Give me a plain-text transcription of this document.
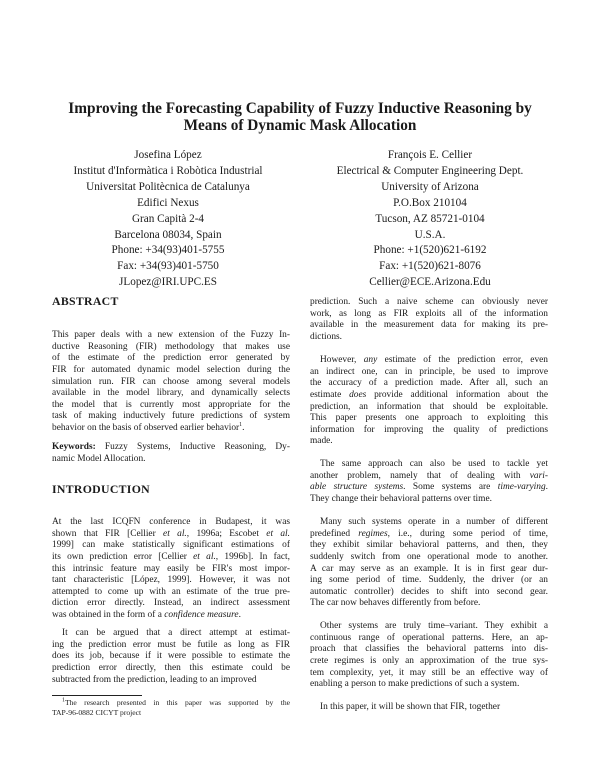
Improving the Forecasting Capability of Fuzzy Inductive Reasoning by
Means of Dynamic Mask Allocation
Josefina López
Institut d'Informàtica i Robòtica Industrial
Universitat Politècnica de Catalunya
Edifici Nexus
Gran Capità 2-4
Barcelona 08034, Spain
Phone: +34(93)401-5755
Fax: +34(93)401-5750
JLopez@IRI.UPC.ES
François E. Cellier
Electrical & Computer Engineering Dept.
University of Arizona
P.O.Box 210104
Tucson, AZ 85721-0104
U.S.A.
Phone: +1(520)621-6192
Fax: +1(520)621-8076
Cellier@ECE.Arizona.Edu
ABSTRACT
INTRODUCTION
This paper deals with a new extension of the Fuzzy In-
ductive Reasoning (FIR) methodology that makes use
of the estimate of the prediction error generated by
FIR for automated dynamic model selection during the
simulation run. FIR can choose among several models
available in the model library, and dynamically selects
the model that is currently most appropriate for the
task of making inductively future predictions of system
behavior on the basis of observed earlier behavior$^1$.
Keywords: Fuzzy Systems, Inductive Reasoning, Dy-
namic Model Allocation.
At the last ICQFN conference in Budapest, it was
shown that FIR [Cellier et al., 1996a; Escobet et al.
1999] can make statistically significant estimations of
its own prediction error [Cellier et al., 1996b]. In fact,
this intrinsic feature may easily be FIR's most impor-
tant characteristic [López, 1999]. However, it was not
attempted to come up with an estimate of the true pre-
diction error directly. Instead, an indirect assessment
was obtained in the form of a confidence measure.
It can be argued that a direct attempt at estimat-
ing the prediction error must be futile as long as FIR
does its job, because if it were possible to estimate the
prediction error directly, then this estimate could be
subtracted from the prediction, leading to an improved
prediction. Such a naive scheme can obviously never
work, as long as FIR exploits all of the information
available in the measurement data for making its pre-
dictions.
However, any estimate of the prediction error, even
an indirect one, can in principle, be used to improve
the accuracy of a prediction made. After all, such an
estimate does provide additional information about the
prediction, an information that should be exploitable.
This paper presents one approach to exploiting this
information for improving the quality of predictions
made.
The same approach can also be used to tackle yet
another problem, namely that of dealing with vari-
able structure systems. Some systems are time-varying.
They change their behavioral patterns over time.
Many such systems operate in a number of different
predefined regimes, i.e., during some period of time,
they exhibit similar behavioral patterns, and then, they
suddenly switch from one operational mode to another.
A car may serve as an example. It is in first gear dur-
ing some period of time. Suddenly, the driver (or an
automatic controller) decides to shift into second gear.
The car now behaves differently from before.
Other systems are truly time–variant. They exhibit a
continuous range of operational patterns. Here, an ap-
proach that classifies the behavioral patterns into dis-
crete regimes is only an approximation of the true sys-
tem complexity, yet, it may still be an effective way of
enabling a person to make predictions of such a system.
In this paper, it will be shown that FIR, together
$^1$The research presented in this paper was supported by the
TAP-96-0882 CICYT project
